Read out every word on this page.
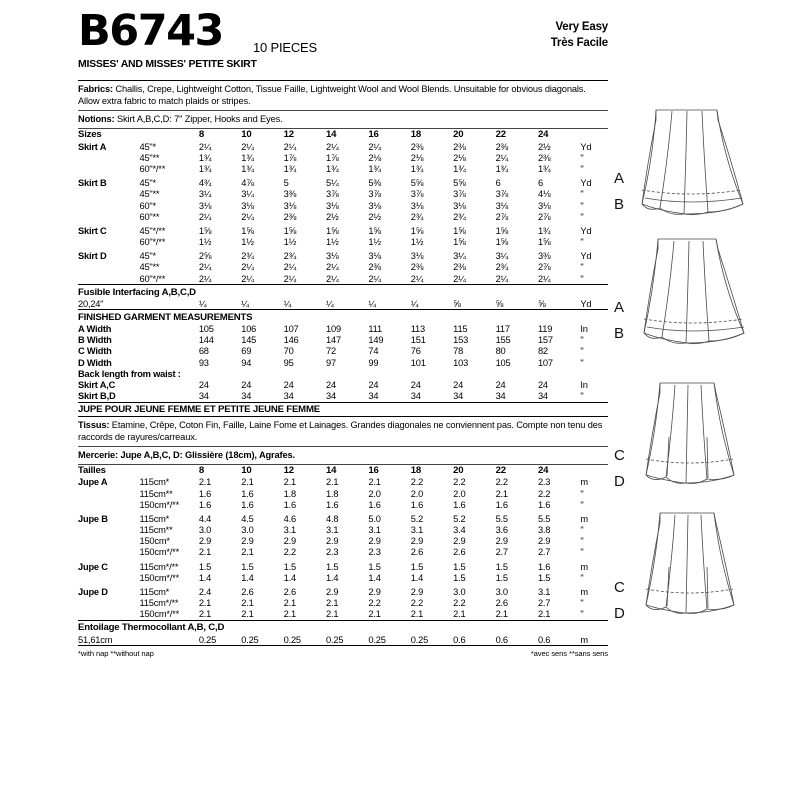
B6743 10 PIECES
Very Easy
Très Facile
MISSES' AND MISSES' PETITE SKIRT
Fabrics: Challis, Crepe, Lightweight Cotton, Tissue Faille, Lightweight Wool and Wool Blends. Unsuitable for obvious diagonals. Allow extra fabric to match plaids or stripes.
Notions: Skirt A,B,C,D: 7" Zipper, Hooks and Eyes.
Sizes		8	10	12	14	16	18	20	22	24	
Skirt A	45"*	2¼	2¼	2¼	2¼	2¼	2⅜	2⅜	2⅜	2½	Yd
	45"**	1¾	1¾	1⅞	1⅞	2⅛	2⅛	2⅛	2¼	2⅜	"
	60"*/**	1¾	1¾	1¾	1¾	1¾	1¾	1¾	1¾	1¾	"

Skirt B	45"*	4¾	4⅞	5	5¼	5⅜	5⅝	5⅝	6	6	Yd
	45"**	3¼	3¼	3⅜	3⅞	3⅞	3⅞	3⅞	3⅞	4⅛	"
	60"*	3⅛	3⅛	3⅛	3⅛	3⅛	3⅛	3⅛	3⅛	3⅛	"
	60"**	2¼	2¼	2⅜	2½	2½	2¾	2¾	2⅞	2⅞	"

Skirt C	45"*/**	1⅝	1⅝	1⅝	1⅝	1⅝	1⅝	1⅝	1⅝	1¾	Yd
	60"*/**	1½	1½	1½	1½	1½	1½	1⅝	1⅝	1⅝	"

Skirt D	45"*	2⅝	2¾	2¾	3⅛	3⅛	3⅛	3¼	3¼	3⅜	Yd
	45"**	2¼	2¼	2¼	2¼	2⅜	2⅜	2⅜	2¾	2⅞	"
	60"*/**	2¼	2¼	2¼	2¼	2¼	2¼	2¼	2¼	2¼	"
Fusible Interfacing A,B,C,D
20,24"		¼	¼	¼	¼	¼	¼	⅝	⅝	⅝	Yd
FINISHED GARMENT MEASUREMENTS
A Width	105	106	107	109	111	113	115	117	119	In
B Width	144	145	146	147	149	151	153	155	157	"
C Width	68	69	70	72	74	76	78	80	82	"
D Width	93	94	95	97	99	101	103	105	107	"
Back length from waist :										
Skirt A,C	24	24	24	24	24	24	24	24	24	In
Skirt B,D	34	34	34	34	34	34	34	34	34	"
JUPE POUR JEUNE FEMME ET PETITE JEUNE FEMME
Tissus: Etamine, Crêpe, Coton Fin, Faille, Laine Fome et Lainages. Grandes diagonales ne conviennent pas. Compte non tenu des raccords de rayures/carreaux.
Mercerie: Jupe A,B,C, D: Glissière (18cm), Agrafes.
Tailles		8	10	12	14	16	18	20	22	24	
Jupe A	115cm*	2.1	2.1	2.1	2.1	2.1	2.2	2.2	2.2	2.3	m
	115cm**	1.6	1.6	1.8	1.8	2.0	2.0	2.0	2.1	2.2	"
	150cm*/**	1.6	1.6	1.6	1.6	1.6	1.6	1.6	1.6	1.6	"

Jupe B	115cm*	4.4	4.5	4.6	4.8	5.0	5.2	5.2	5.5	5.5	m
	115cm**	3.0	3.0	3.1	3.1	3.1	3.1	3.4	3.6	3.8	"
	150cm*	2.9	2.9	2.9	2.9	2.9	2.9	2.9	2.9	2.9	"
	150cm*/**	2.1	2.1	2.2	2.3	2.3	2.6	2.6	2.7	2.7	"

Jupe C	115cm*/**	1.5	1.5	1.5	1.5	1.5	1.5	1.5	1.5	1.6	m
	150cm*/**	1.4	1.4	1.4	1.4	1.4	1.4	1.5	1.5	1.5	"

Jupe D	115cm*	2.4	2.6	2.6	2.9	2.9	2.9	3.0	3.0	3.1	m
	115cm*/**	2.1	2.1	2.1	2.1	2.2	2.2	2.2	2.6	2.7	"
	150cm*/**	2.1	2.1	2.1	2.1	2.1	2.1	2.1	2.1	2.1	"
Entoilage Thermocollant A,B, C,D
51,61cm		0.25	0.25	0.25	0.25	0.25	0.25	0.6	0.6	0.6	m
*with nap **without nap	*avec sens **sans sens
A
B
A
B
C
D
C
D
